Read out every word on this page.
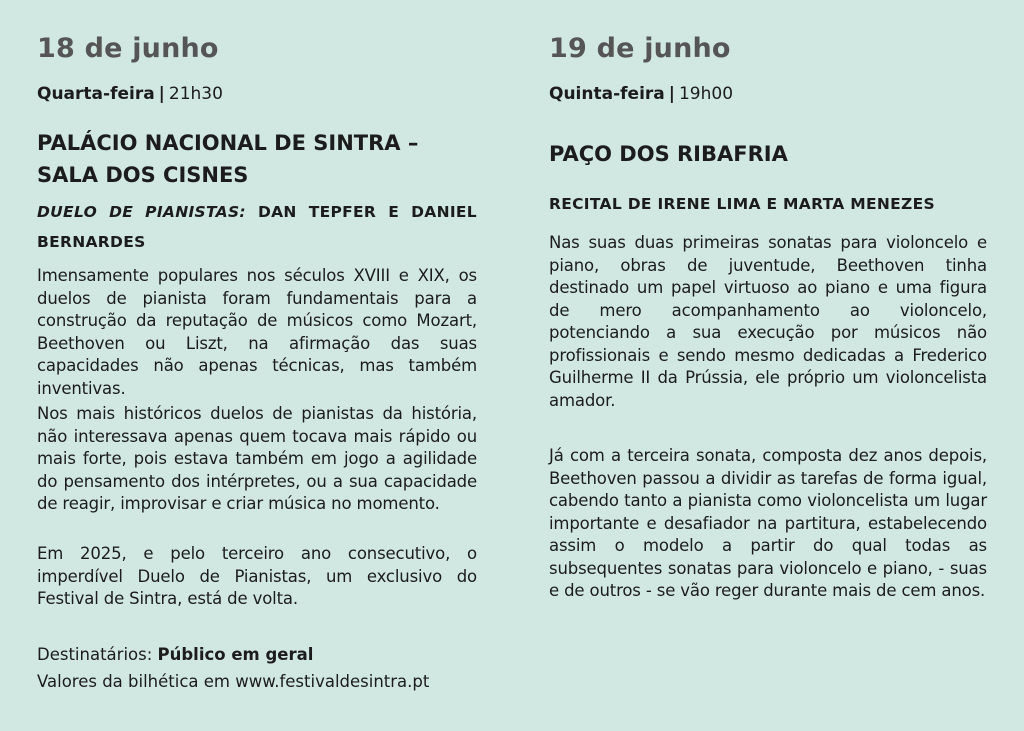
18 de junho
Quarta-feira | 21h30
PALÁCIO NACIONAL DE SINTRA – SALA DOS CISNES
DUELO DE PIANISTAS: DAN TEPFER E DANIEL BERNARDES

Imensamente populares nos séculos XVIII e XIX, os duelos de pianista foram fundamentais para a construção da reputação de músicos como Mozart, Beethoven ou Liszt, na afirmação das suas capacidades não apenas técnicas, mas também inventivas.

Nos mais históricos duelos de pianistas da história, não interessava apenas quem tocava mais rápido ou mais forte, pois estava também em jogo a agilidade do pensamento dos intérpretes, ou a sua capacidade de reagir, improvisar e criar música no momento.

Em 2025, e pelo terceiro ano consecutivo, o imperdível Duelo de Pianistas, um exclusivo do Festival de Sintra, está de volta.

Destinatários: Público em geral
Valores da bilhética em www.festivaldesintra.pt
19 de junho
Quinta-feira | 19h00
PAÇO DOS RIBAFRIA
RECITAL DE IRENE LIMA E MARTA MENEZES

Nas suas duas primeiras sonatas para violoncelo e piano, obras de juventude, Beethoven tinha destinado um papel virtuoso ao piano e uma figura de mero acompanhamento ao violoncelo, potenciando a sua execução por músicos não profissionais e sendo mesmo dedicadas a Frederico Guilherme II da Prússia, ele próprio um violoncelista amador.

Já com a terceira sonata, composta dez anos depois, Beethoven passou a dividir as tarefas de forma igual, cabendo tanto a pianista como violoncelista um lugar importante e desafiador na partitura, estabelecendo assim o modelo a partir do qual todas as subsequentes sonatas para violoncelo e piano, - suas e de outros - se vão reger durante mais de cem anos.
